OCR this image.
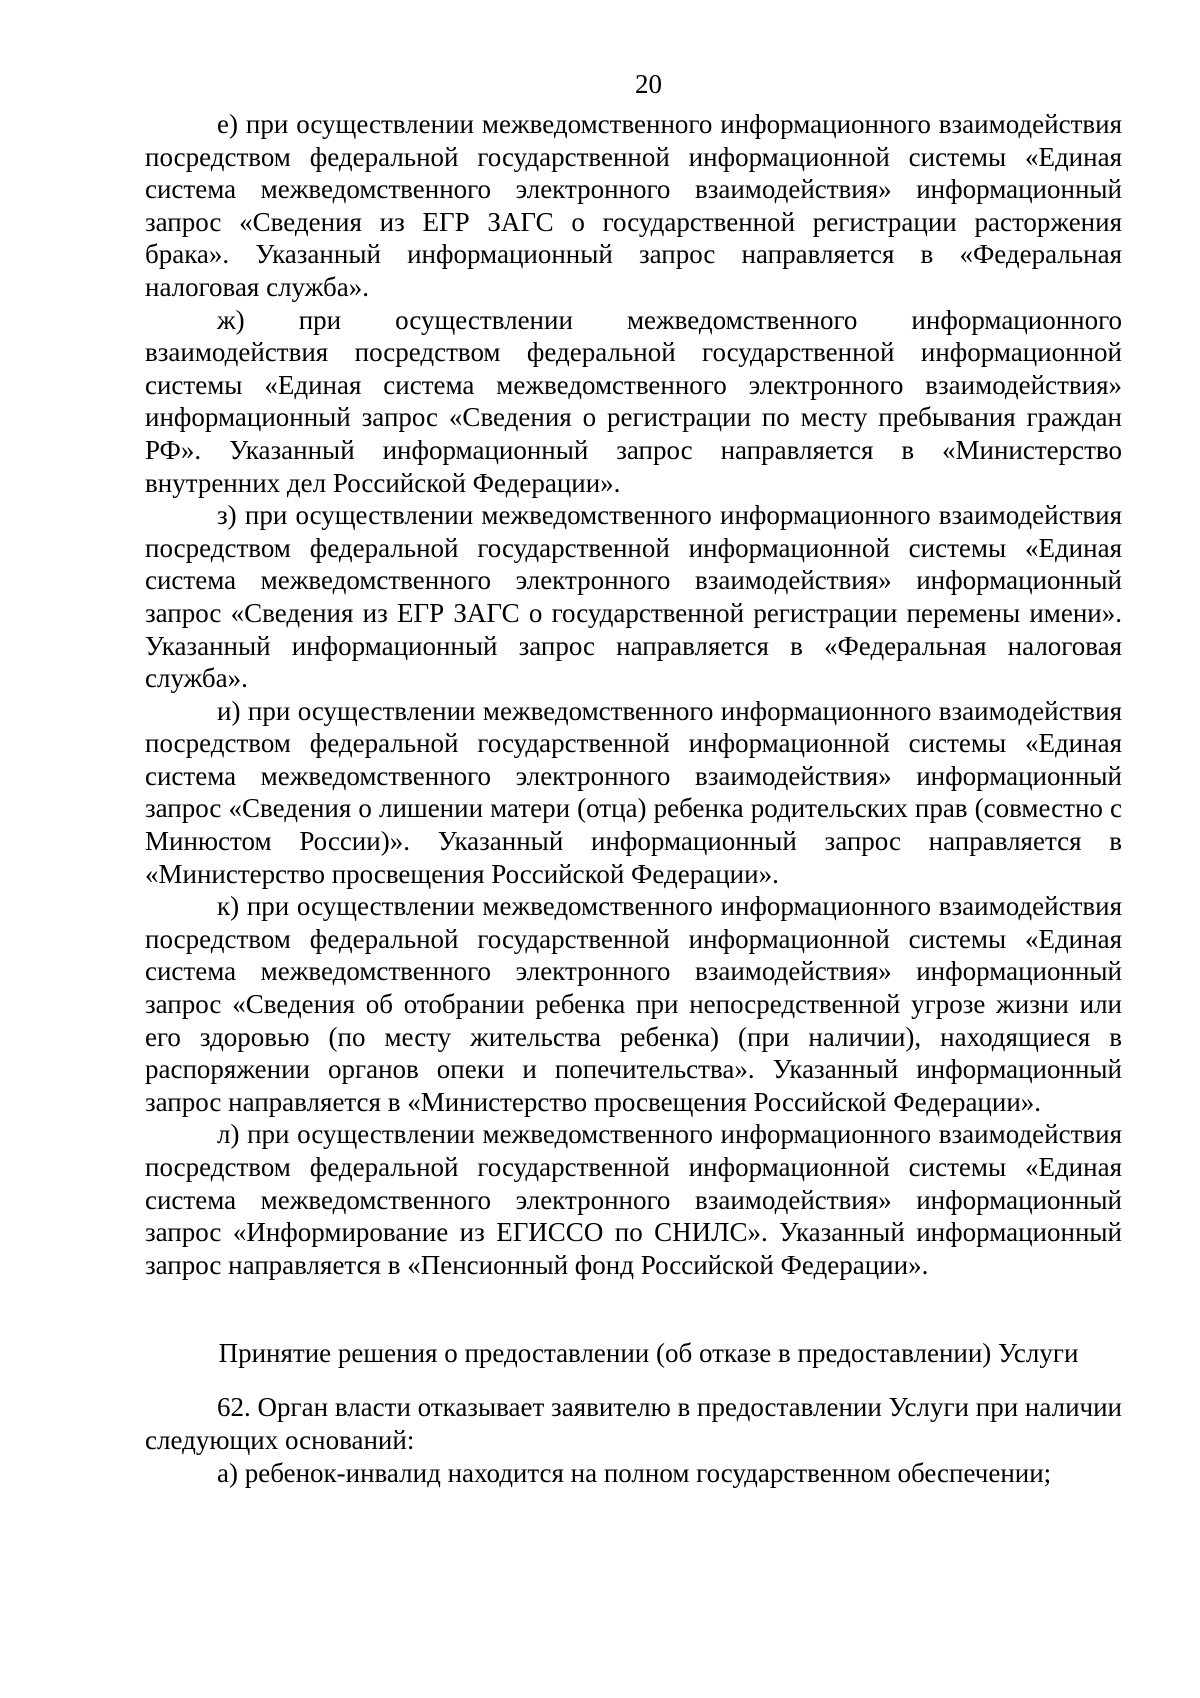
20

е) при осуществлении межведомственного информационного взаимодействия посредством федеральной государственной информационной системы «Единая система межведомственного электронного взаимодействия» информационный запрос «Сведения из ЕГР ЗАГС о государственной регистрации расторжения брака». Указанный информационный запрос направляется в «Федеральная налоговая служба».

ж) при осуществлении межведомственного информационного взаимодействия посредством федеральной государственной информационной системы «Единая система межведомственного электронного взаимодействия» информационный запрос «Сведения о регистрации по месту пребывания граждан РФ». Указанный информационный запрос направляется в «Министерство внутренних дел Российской Федерации».

з) при осуществлении межведомственного информационного взаимодействия посредством федеральной государственной информационной системы «Единая система межведомственного электронного взаимодействия» информационный запрос «Сведения из ЕГР ЗАГС о государственной регистрации перемены имени». Указанный информационный запрос направляется в «Федеральная налоговая служба».

и) при осуществлении межведомственного информационного взаимодействия посредством федеральной государственной информационной системы «Единая система межведомственного электронного взаимодействия» информационный запрос «Сведения о лишении матери (отца) ребенка родительских прав (совместно с Минюстом России)». Указанный информационный запрос направляется в «Министерство просвещения Российской Федерации».

к) при осуществлении межведомственного информационного взаимодействия посредством федеральной государственной информационной системы «Единая система межведомственного электронного взаимодействия» информационный запрос «Сведения об отобрании ребенка при непосредственной угрозе жизни или его здоровью (по месту жительства ребенка) (при наличии), находящиеся в распоряжении органов опеки и попечительства». Указанный информационный запрос направляется в «Министерство просвещения Российской Федерации».

л) при осуществлении межведомственного информационного взаимодействия посредством федеральной государственной информационной системы «Единая система межведомственного электронного взаимодействия» информационный запрос «Информирование из ЕГИССО по СНИЛС». Указанный информационный запрос направляется в «Пенсионный фонд Российской Федерации».

Принятие решения о предоставлении (об отказе в предоставлении) Услуги

62. Орган власти отказывает заявителю в предоставлении Услуги при наличии следующих оснований:

а) ребенок-инвалид находится на полном государственном обеспечении;
